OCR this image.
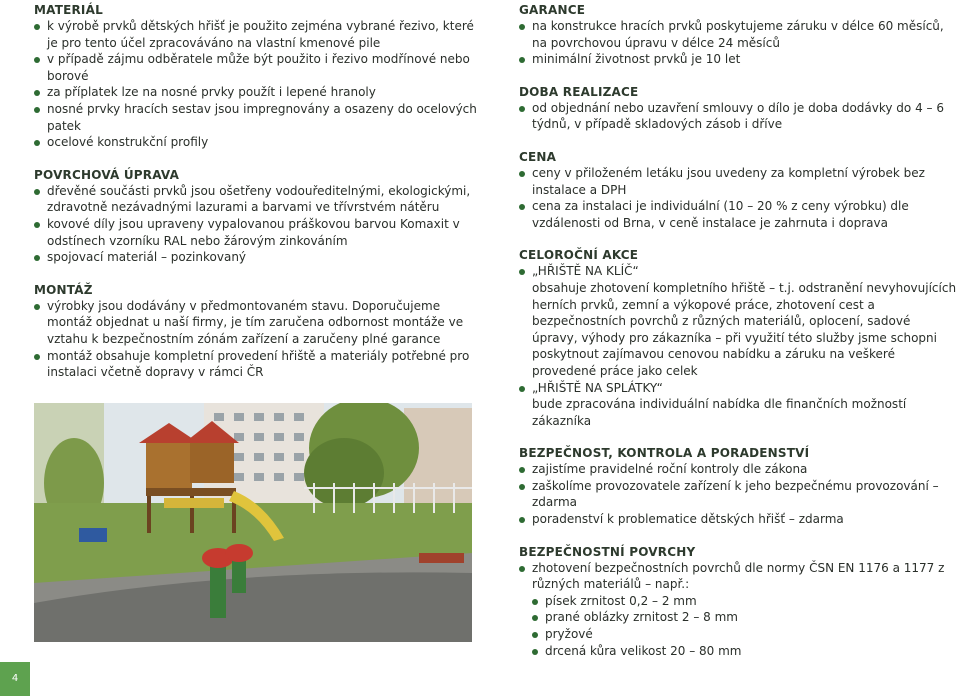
MATERIÁL
k výrobě prvků dětských hřišť je použito zejména vybrané řezivo, které je pro tento účel zpracováváno na vlastní kmenové pile
v případě zájmu odběratele může být použito i řezivo modřínové nebo borové
za příplatek lze na nosné prvky použít i lepené hranoly
nosné prvky hracích sestav jsou impregnovány a osazeny do ocelových patek
ocelové konstrukční profily
POVRCHOVÁ ÚPRAVA
dřevěné součásti prvků jsou ošetřeny vodouředitelnými, ekologickými, zdravotně nezávadnými lazurami a barvami ve třívrstvém nátěru
kovové díly jsou upraveny vypalovanou práškovou barvou Komaxit v odstínech vzorníku RAL nebo žárovým zinkováním
spojovací materiál – pozinkovaný
MONTÁŽ
výrobky jsou dodávány v předmontovaném stavu. Doporučujeme montáž objednat u naší firmy, je tím zaručena odbornost montáže ve vztahu k bezpečnostním zónám zařízení a zaručeny plné garance
montáž obsahuje kompletní provedení hřiště a materiály potřebné pro instalaci včetně dopravy v rámci ČR
GARANCE
na konstrukce hracích prvků poskytujeme záruku v délce 60 měsíců, na povrchovou úpravu v délce 24 měsíců
minimální životnost prvků je 10 let
DOBA REALIZACE
od objednání nebo uzavření smlouvy o dílo je doba dodávky do 4 – 6 týdnů, v případě skladových zásob i dříve
CENA
ceny v přiloženém letáku jsou uvedeny za kompletní výrobek bez instalace a DPH
cena za instalaci je individuální (10 – 20 % z ceny výrobku) dle vzdálenosti od Brna, v ceně instalace je zahrnuta i doprava
CELOROČNÍ AKCE
„HŘIŠTĚ NA KLÍČ“
obsahuje zhotovení kompletního hřiště – t.j. odstranění nevyhovujících herních prvků, zemní a výkopové práce, zhotovení cest a bezpečnostních povrchů z různých materiálů, oplocení, sadové úpravy, výhody pro zákazníka – při využití této služby jsme schopni poskytnout zajímavou cenovou nabídku a záruku na veškeré provedené práce jako celek
„HŘIŠTĚ NA SPLÁTKY“
bude zpracována individuální nabídka dle finančních možností zákazníka
BEZPEČNOST, KONTROLA A PORADENSTVÍ
zajistíme pravidelné roční kontroly dle zákona
zaškolíme provozovatele zařízení k jeho bezpečnému provozování – zdarma
poradenství k problematice dětských hřišť – zdarma
BEZPEČNOSTNÍ POVRCHY
zhotovení bezpečnostních povrchů dle normy ČSN EN 1176 a 1177 z různých materiálů – např.:
písek zrnitost 0,2 – 2 mm
prané oblázky zrnitost 2 – 8 mm
pryžové
drcená kůra velikost 20 – 80 mm
4
